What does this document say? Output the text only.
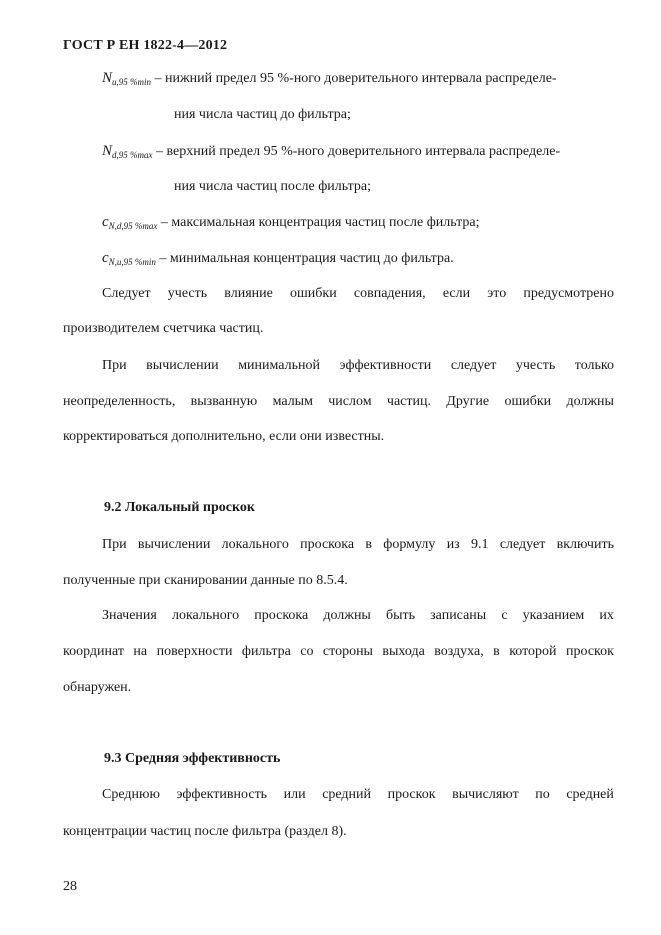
ГОСТ Р ЕН 1822-4—2012
$N_{u,95 \%min}$ – нижний предел 95 %-ного доверительного интервала распределе-
ния числа частиц до фильтра;
$N_{d,95 \%max}$ – верхний предел 95 %-ного доверительного интервала распределе-
ния числа частиц после фильтра;
$c_{N,d,95 \%max}$ – максимальная концентрация частиц после фильтра;
$c_{N,u,95 \%min}$ – минимальная концентрация частиц до фильтра.
Следует учесть влияние ошибки совпадения, если это предусмотрено
производителем счетчика частиц.
При вычислении минимальной эффективности следует учесть только
неопределенность, вызванную малым числом частиц. Другие ошибки должны
корректироваться дополнительно, если они известны.
9.2 Локальный проскок
При вычислении локального проскока в формулу из 9.1 следует включить
полученные при сканировании данные по 8.5.4.
Значения локального проскока должны быть записаны с указанием их
координат на поверхности фильтра со стороны выхода воздуха, в которой проскок
обнаружен.
9.3 Средняя эффективность
Среднюю эффективность или средний проскок вычисляют по средней
концентрации частиц после фильтра (раздел 8).
28
